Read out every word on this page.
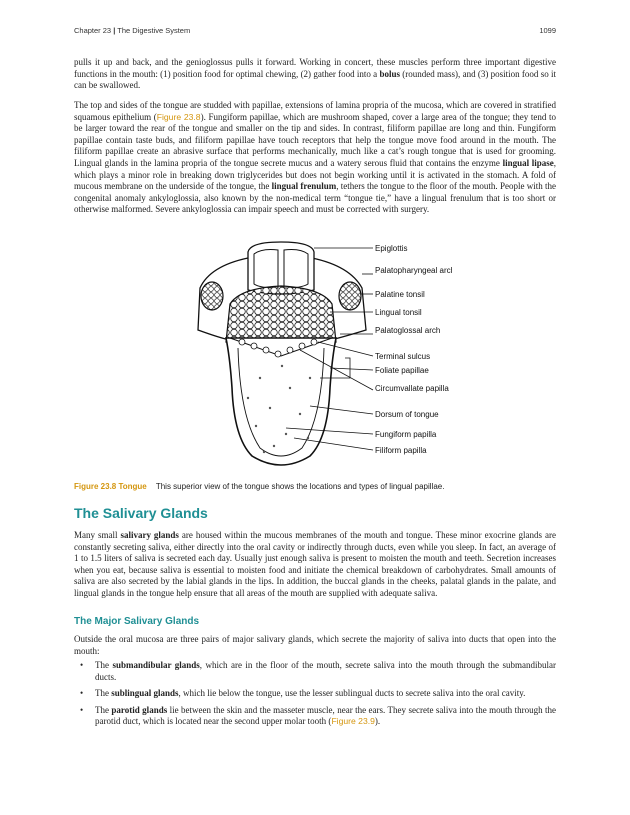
Chapter 23 | The Digestive System	1099

pulls it up and back, and the genioglossus pulls it forward. Working in concert, these muscles perform three important digestive functions in the mouth: (1) position food for optimal chewing, (2) gather food into a bolus (rounded mass), and (3) position food so it can be swallowed.

The top and sides of the tongue are studded with papillae, extensions of lamina propria of the mucosa, which are covered in stratified squamous epithelium (Figure 23.8). Fungiform papillae, which are mushroom shaped, cover a large area of the tongue; they tend to be larger toward the rear of the tongue and smaller on the tip and sides. In contrast, filiform papillae are long and thin. Fungiform papillae contain taste buds, and filiform papillae have touch receptors that help the tongue move food around in the mouth. The filiform papillae create an abrasive surface that performs mechanically, much like a cat’s rough tongue that is used for grooming. Lingual glands in the lamina propria of the tongue secrete mucus and a watery serous fluid that contains the enzyme lingual lipase, which plays a minor role in breaking down triglycerides but does not begin working until it is activated in the stomach. A fold of mucous membrane on the underside of the tongue, the lingual frenulum, tethers the tongue to the floor of the mouth. People with the congenital anomaly ankyloglossia, also known by the non-medical term “tongue tie,” have a lingual frenulum that is too short or otherwise malformed. Severe ankyloglossia can impair speech and must be corrected with surgery.

Epiglottis
Palatopharyngeal arch
Palatine tonsil
Lingual tonsil
Palatoglossal arch
Terminal sulcus
Foliate papillae
Circumvallate papilla
Dorsum of tongue
Fungiform papilla
Filiform papilla
Figure 23.8 Tongue This superior view of the tongue shows the locations and types of lingual papillae.
The Salivary Glands

Many small salivary glands are housed within the mucous membranes of the mouth and tongue. These minor exocrine glands are constantly secreting saliva, either directly into the oral cavity or indirectly through ducts, even while you sleep. In fact, an average of 1 to 1.5 liters of saliva is secreted each day. Usually just enough saliva is present to moisten the mouth and teeth. Secretion increases when you eat, because saliva is essential to moisten food and initiate the chemical breakdown of carbohydrates. Small amounts of saliva are also secreted by the labial glands in the lips. In addition, the buccal glands in the cheeks, palatal glands in the palate, and lingual glands in the tongue help ensure that all areas of the mouth are supplied with adequate saliva.

The Major Salivary Glands

Outside the oral mucosa are three pairs of major salivary glands, which secrete the majority of saliva into ducts that open into the mouth:

• The submandibular glands, which are in the floor of the mouth, secrete saliva into the mouth through the submandibular ducts.
• The sublingual glands, which lie below the tongue, use the lesser sublingual ducts to secrete saliva into the oral cavity.
• The parotid glands lie between the skin and the masseter muscle, near the ears. They secrete saliva into the mouth through the parotid duct, which is located near the second upper molar tooth (Figure 23.9).
